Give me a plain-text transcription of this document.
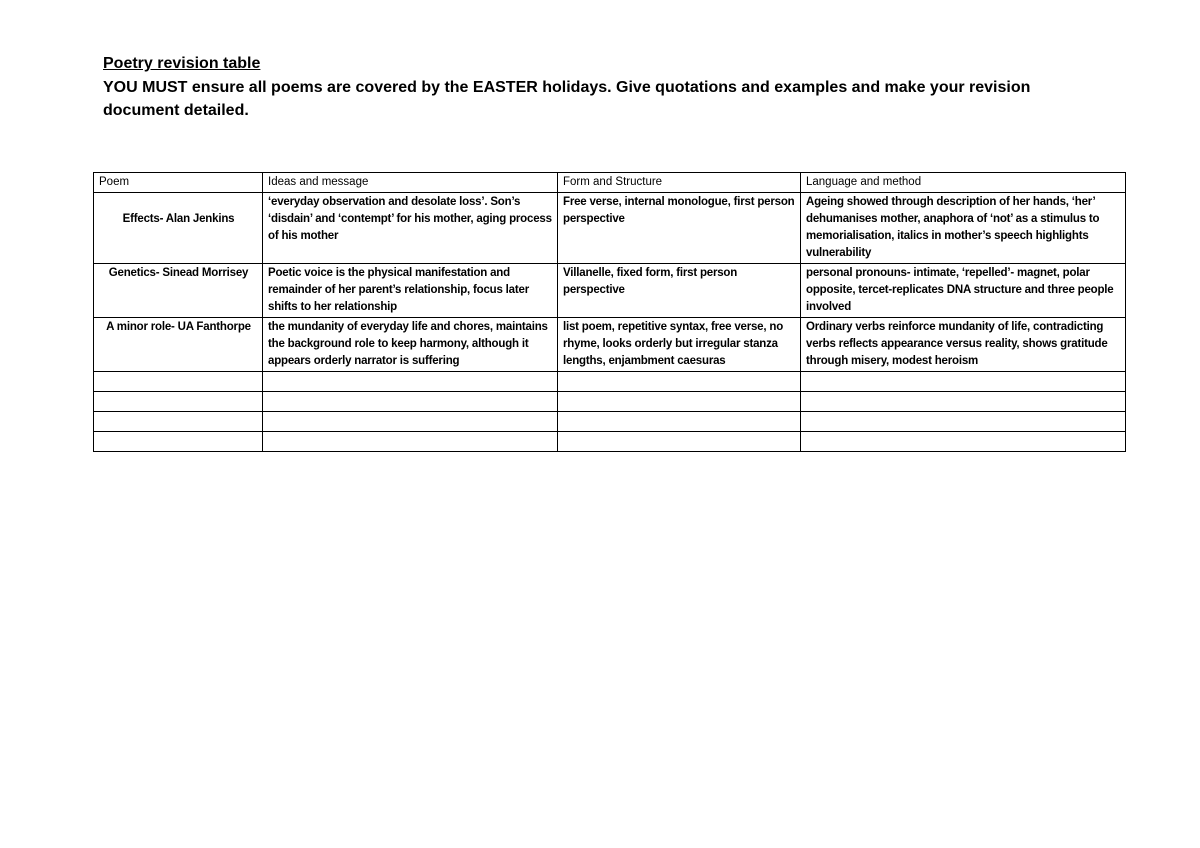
Poetry revision table

YOU MUST ensure all poems are covered by the EASTER holidays. Give quotations and examples and make your revision document detailed.

Poem	Ideas and message	Form and Structure	Language and method
Effects- Alan Jenkins	‘everyday observation and desolate loss’. Son’s ‘disdain’ and ‘contempt’ for his mother, aging process of his mother	Free verse, internal monologue, first person perspective	Ageing showed through description of her hands, ‘her’ dehumanises mother, anaphora of ‘not’ as a stimulus to memorialisation, italics in mother’s speech highlights vulnerability
Genetics- Sinead Morrisey	Poetic voice is the physical manifestation and remainder of her parent’s relationship, focus later shifts to her relationship	Villanelle, fixed form, first person perspective	personal pronouns- intimate, ‘repelled’- magnet, polar opposite, tercet-replicates DNA structure and three people involved
A minor role- UA Fanthorpe	the mundanity of everyday life and chores, maintains the background role to keep harmony, although it appears orderly narrator is suffering	list poem, repetitive syntax, free verse, no rhyme, looks orderly but irregular stanza lengths, enjambment caesuras	Ordinary verbs reinforce mundanity of life, contradicting verbs reflects appearance versus reality, shows gratitude through misery, modest heroism
